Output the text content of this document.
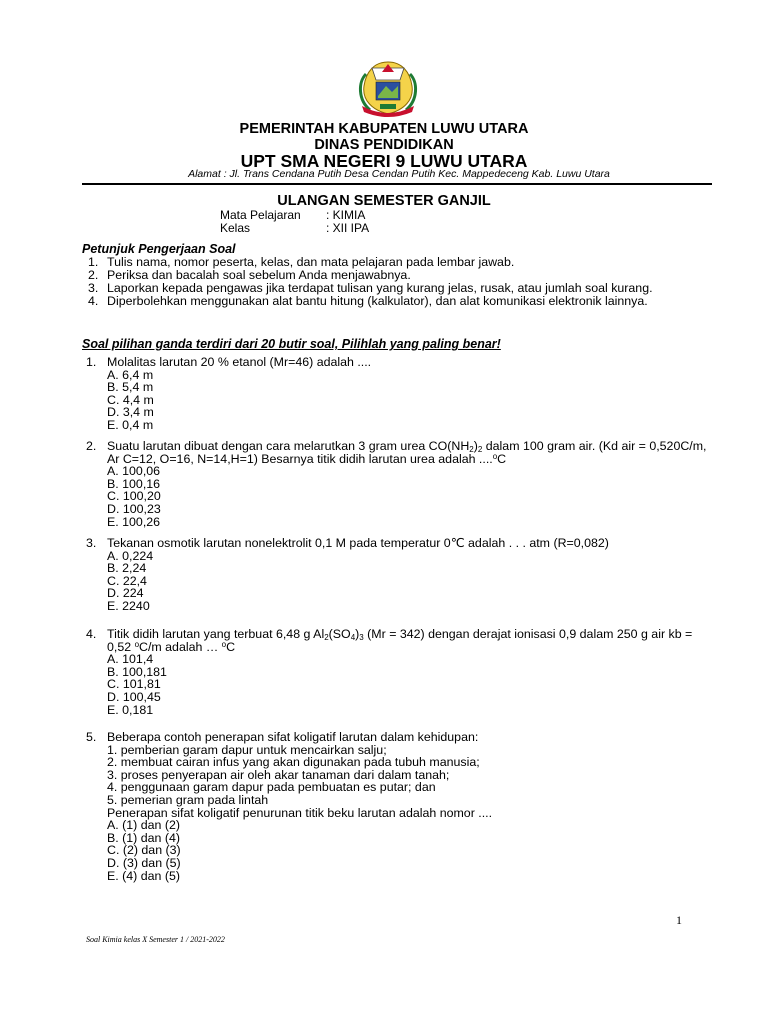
PEMERINTAH KABUPATEN LUWU UTARA
DINAS PENDIDIKAN
UPT SMA NEGERI 9 LUWU UTARA
Alamat : Jl. Trans Cendana Putih Desa Cendan Putih Kec. Mappedeceng Kab. Luwu Utara
ULANGAN SEMESTER GANJIL
Mata Pelajaran : KIMIA
Kelas	: XII IPA
Petunjuk Pengerjaan Soal
1. Tulis nama, nomor peserta, kelas, dan mata pelajaran pada lembar jawab.
2. Periksa dan bacalah soal sebelum Anda menjawabnya.
3. Laporkan kepada pengawas jika terdapat tulisan yang kurang jelas, rusak, atau jumlah soal kurang.
4. Diperbolehkan menggunakan alat bantu hitung (kalkulator), dan alat komunikasi elektronik lainnya.
Soal pilihan ganda terdiri dari 20 butir soal, Pilihlah yang paling benar!
1. Molalitas larutan 20 % etanol (Mr=46) adalah ....
A. 6,4 m
B. 5,4 m
C. 4,4 m
D. 3,4 m
E. 0,4 m
2. Suatu larutan dibuat dengan cara melarutkan 3 gram urea $CO(NH_2)_2$ dalam 100 gram air. (Kd air = 0,520C/m, Ar C=12, O=16, N=14,H=1) Besarnya titik didih larutan urea adalah ....$^o$C
A. 100,06
B. 100,16
C. 100,20
D. 100,23
E. 100,26
3. Tekanan osmotik larutan nonelektrolit 0,1 M pada temperatur 0℃ adalah . . . atm (R=0,082)
A. 0,224
B. 2,24
C. 22,4
D. 224
E. 2240
4. Titik didih larutan yang terbuat 6,48 g $Al_2(SO_4)_3$ (Mr = 342) dengan derajat ionisasi 0,9 dalam 250 g air kb = 0,52 $^o$C/m adalah … $^o$C
A. 101,4
B. 100,181
C. 101,81
D. 100,45
E. 0,181
5. Beberapa contoh penerapan sifat koligatif larutan dalam kehidupan:
1. pemberian garam dapur untuk mencairkan salju;
2. membuat cairan infus yang akan digunakan pada tubuh manusia;
3. proses penyerapan air oleh akar tanaman dari dalam tanah;
4. penggunaan garam dapur pada pembuatan es putar; dan
5. pemerian gram pada lintah
Penerapan sifat koligatif penurunan titik beku larutan adalah nomor ....
A. (1) dan (2)
B. (1) dan (4)
C. (2) dan (3)
D. (3) dan (5)
E. (4) dan (5)
1
Soal Kimia kelas X Semester 1 / 2021-2022
